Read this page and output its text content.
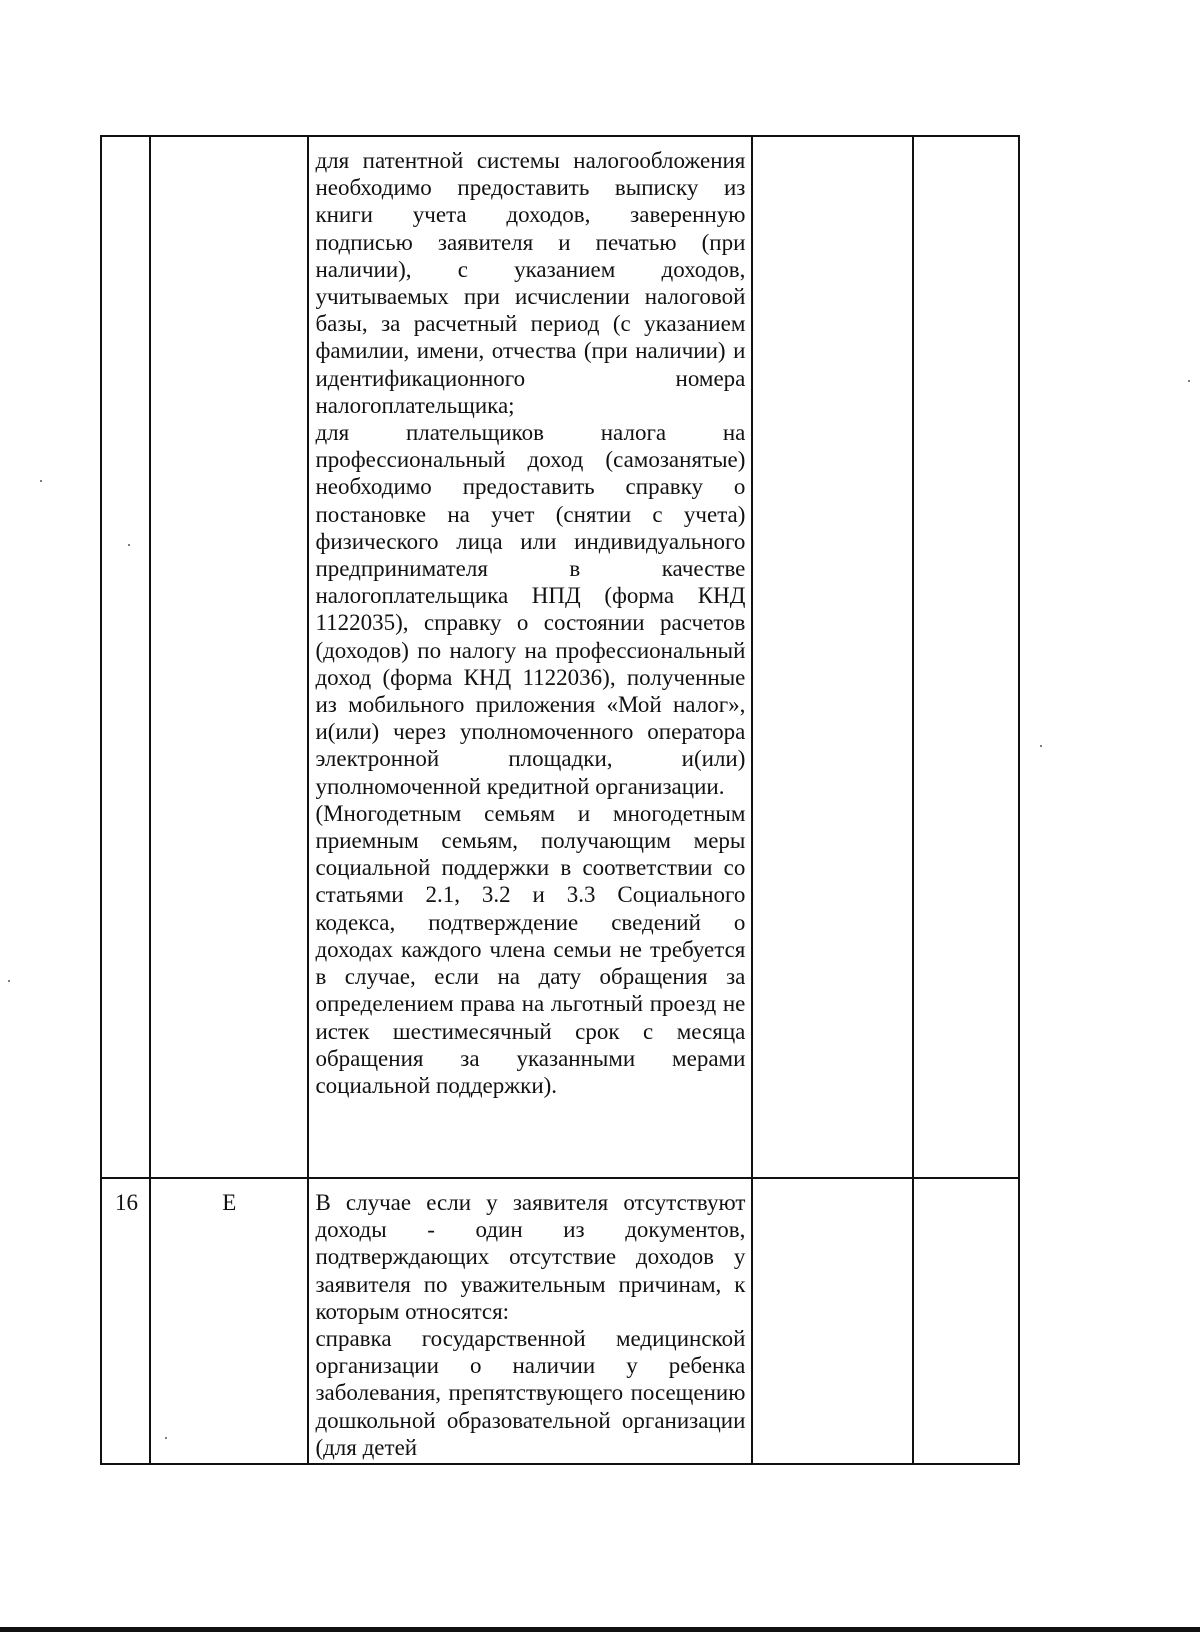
		для патентной системы налогообложения необходимо предоставить выписку из книги учета доходов, заверенную подписью заявителя и печатью (при наличии), с указанием доходов, учитываемых при исчислении налоговой базы, за расчетный период (с указанием фамилии, имени, отчества (при наличии) и идентификационного номера налогоплательщика;

для плательщиков налога на профессиональный доход (самозанятые) необходимо предоставить справку о постановке на учет (снятии с учета) физического лица или индивидуального предпринимателя в качестве налогоплательщика НПД (форма КНД 1122035), справку о состоянии расчетов (доходов) по налогу на профессиональный доход (форма КНД 1122036), полученные из мобильного приложения «Мой налог», и(или) через уполномоченного оператора электронной площадки, и(или) уполномоченной кредитной организации.

(Многодетным семьям и многодетным приемным семьям, получающим меры социальной поддержки в соответствии со статьями 2.1, 3.2 и 3.3 Социального кодекса, подтверждение сведений о доходах каждого члена семьи не требуется в случае, если на дату обращения за определением права на льготный проезд не истек шестимесячный срок с месяца обращения за указанными мерами социальной поддержки).		

16	Е	В случае если у заявителя отсутствуют доходы - один из документов, подтверждающих отсутствие доходов у заявителя по уважительным причинам, к которым относятся:

справка государственной медицинской организации о наличии у ребенка заболевания, препятствующего посещению дошкольной образовательной организации (для детей		
